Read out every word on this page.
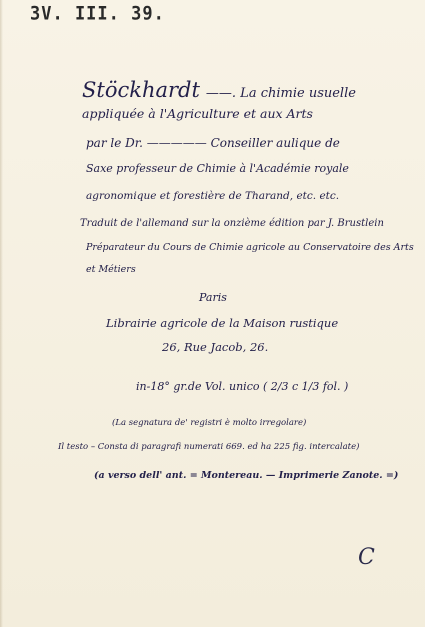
3V. III. 39.
Stöckhardt ——. La chimie usuelle
appliquée à l'Agriculture et aux Arts
par le Dr. ————— Conseiller aulique de
Saxe professeur de Chimie à l'Académie royale
agronomique et forestière de Tharand, etc. etc.
Traduit de l'allemand sur la onzième édition par J. Brustlein
Préparateur du Cours de Chimie agricole au Conservatoire des Arts
et Métiers
Paris
Librairie agricole de la Maison rustique
26, Rue Jacob, 26.
in-18° gr.de Vol. unico ( 2/3 c 1/3 fol. )
(La segnatura de' registri è molto irregolare)
Il testo – Consta di paragrafi numerati 669. ed ha 225 fig. intercalate)
(a verso dell' ant. = Montereau. — Imprimerie Zanote. =)
C
